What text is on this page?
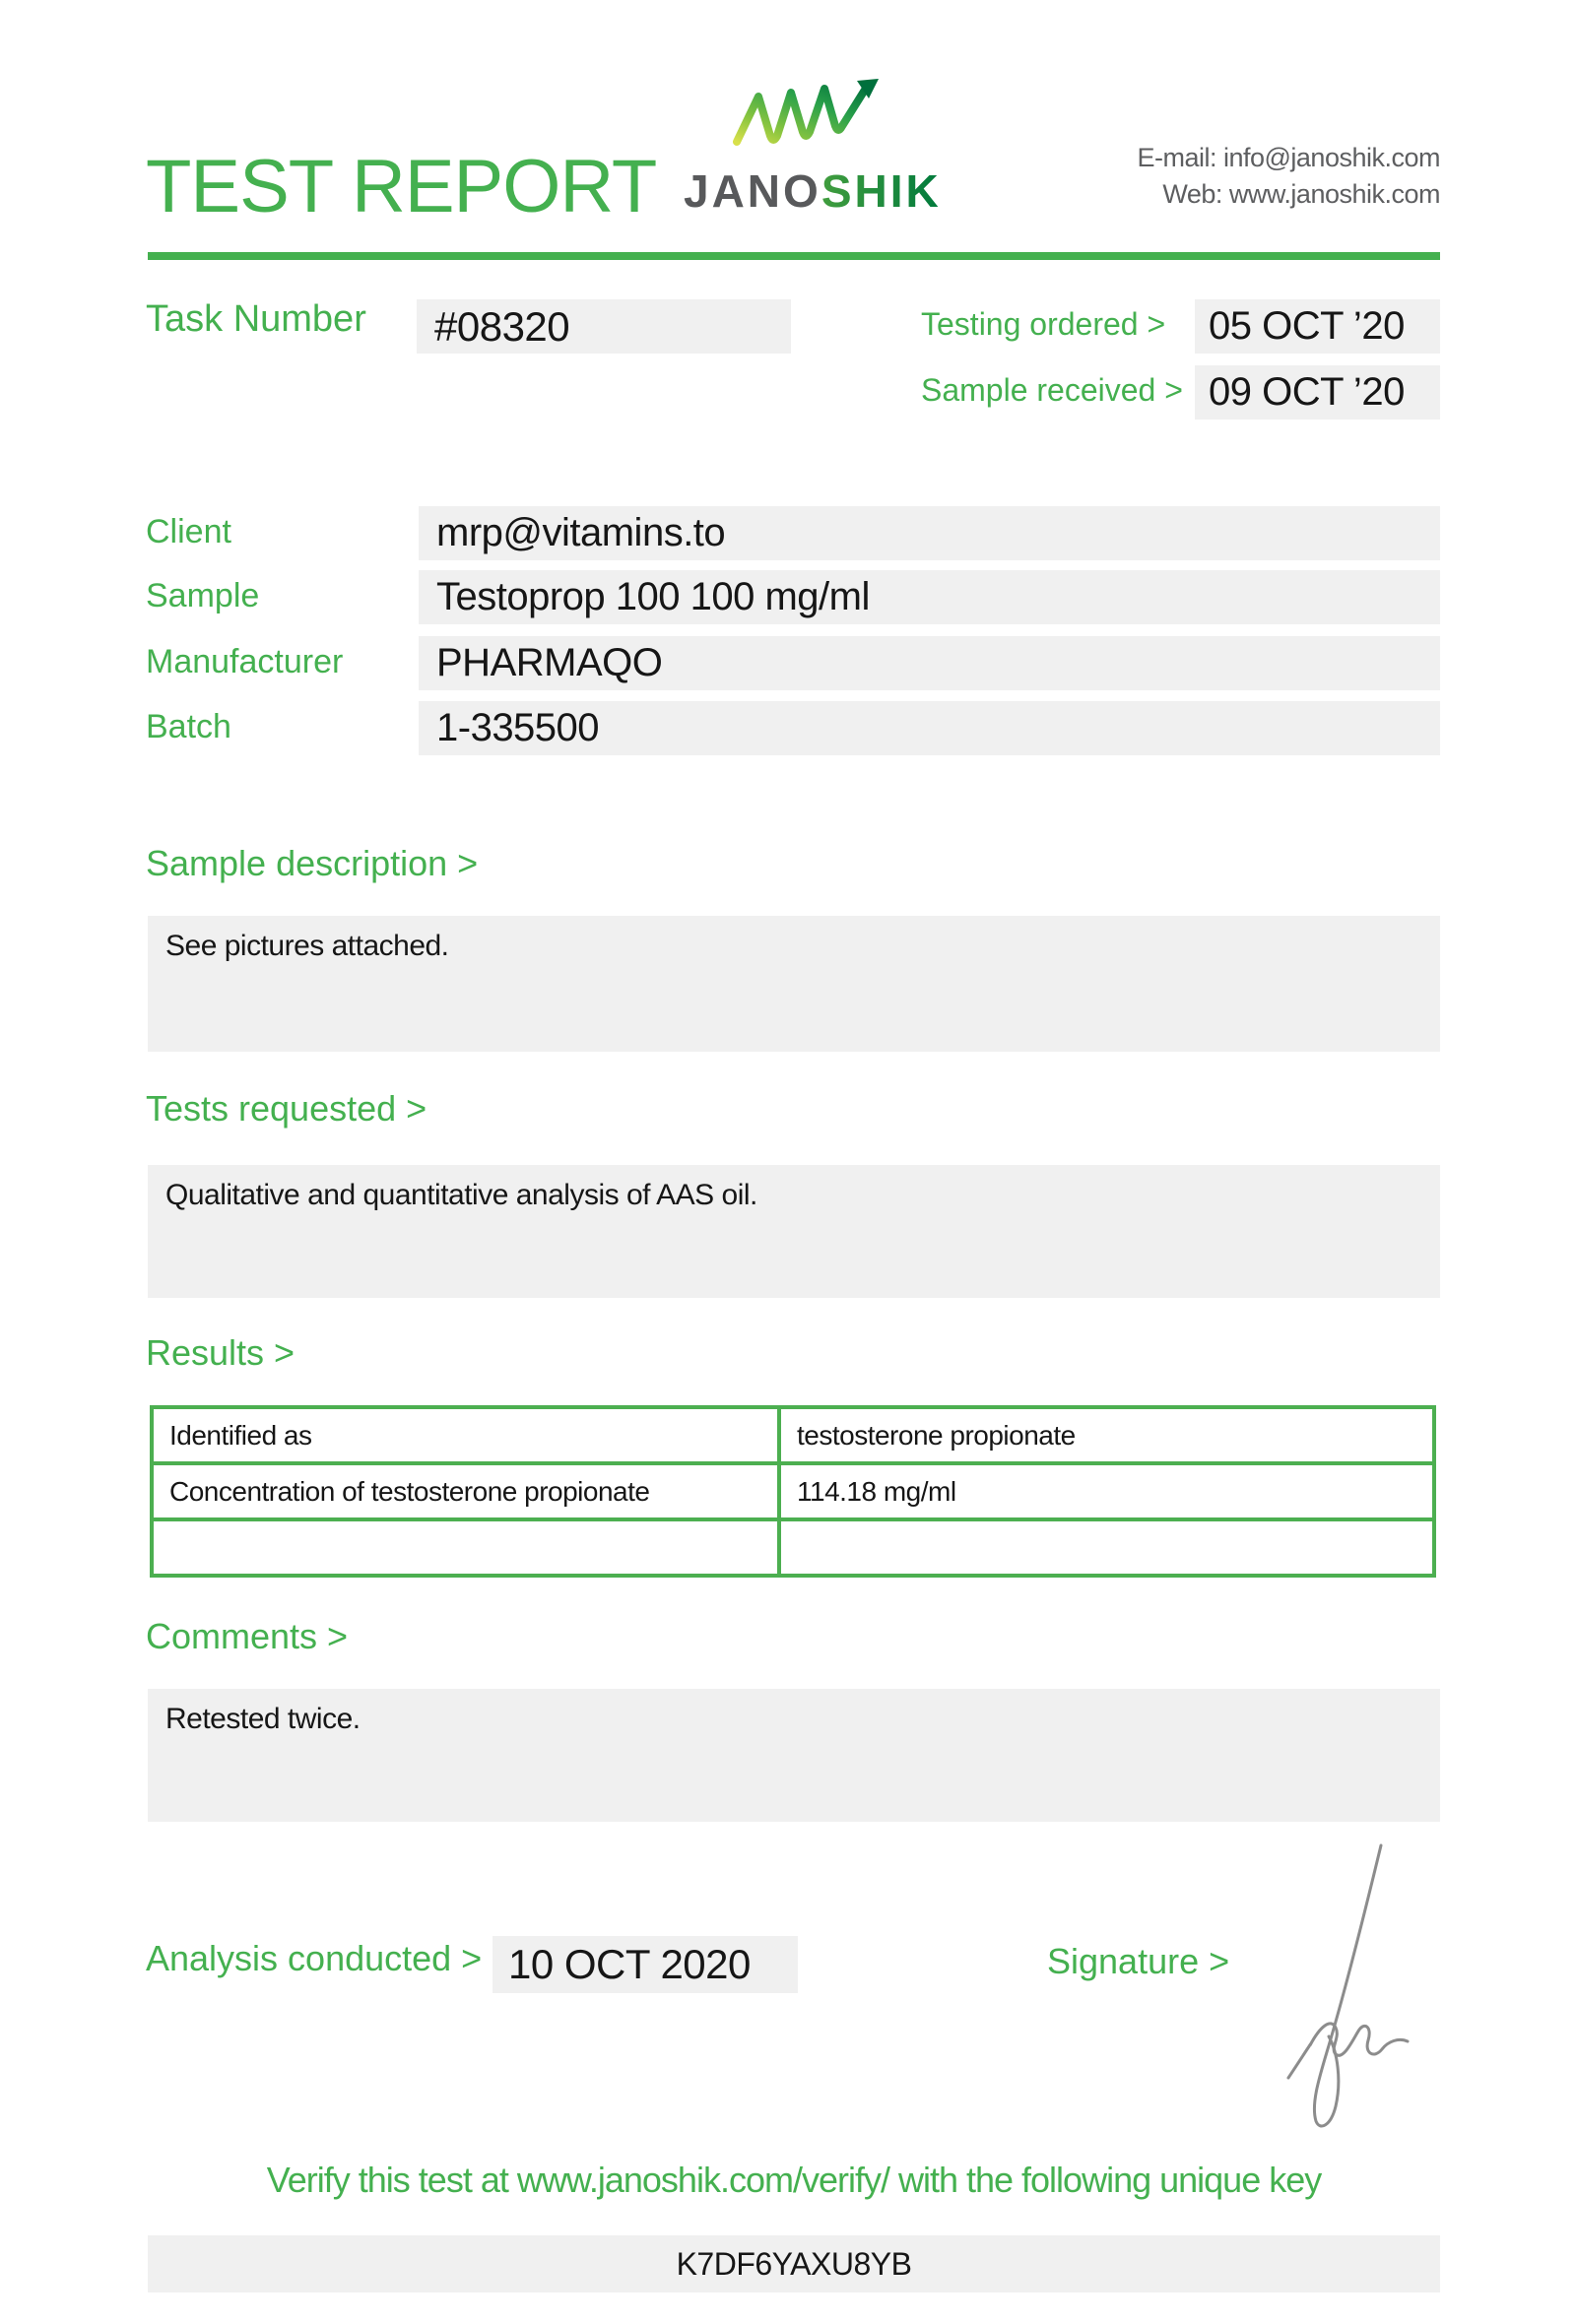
TEST REPORT JANOSHIK
E-mail: info@janoshik.com
Web: www.janoshik.com
Task Number	#08320	Testing ordered >	05 OCT ’20
Sample received > 09 OCT ’20
Client	mrp@vitamins.to
Sample	Testoprop 100 100 mg/ml
Manufacturer	PHARMAQO
Batch	1-335500
Sample description >
See pictures attached.
Tests requested >
Qualitative and quantitative analysis of AAS oil.
Results >
Identified as	testosterone propionate
Concentration of testosterone propionate	114.18 mg/ml

Comments >
Retested twice.
Analysis conducted > 10 OCT 2020	Signature >
Verify this test at www.janoshik.com/verify/ with the following unique key
K7DF6YAXU8YB
